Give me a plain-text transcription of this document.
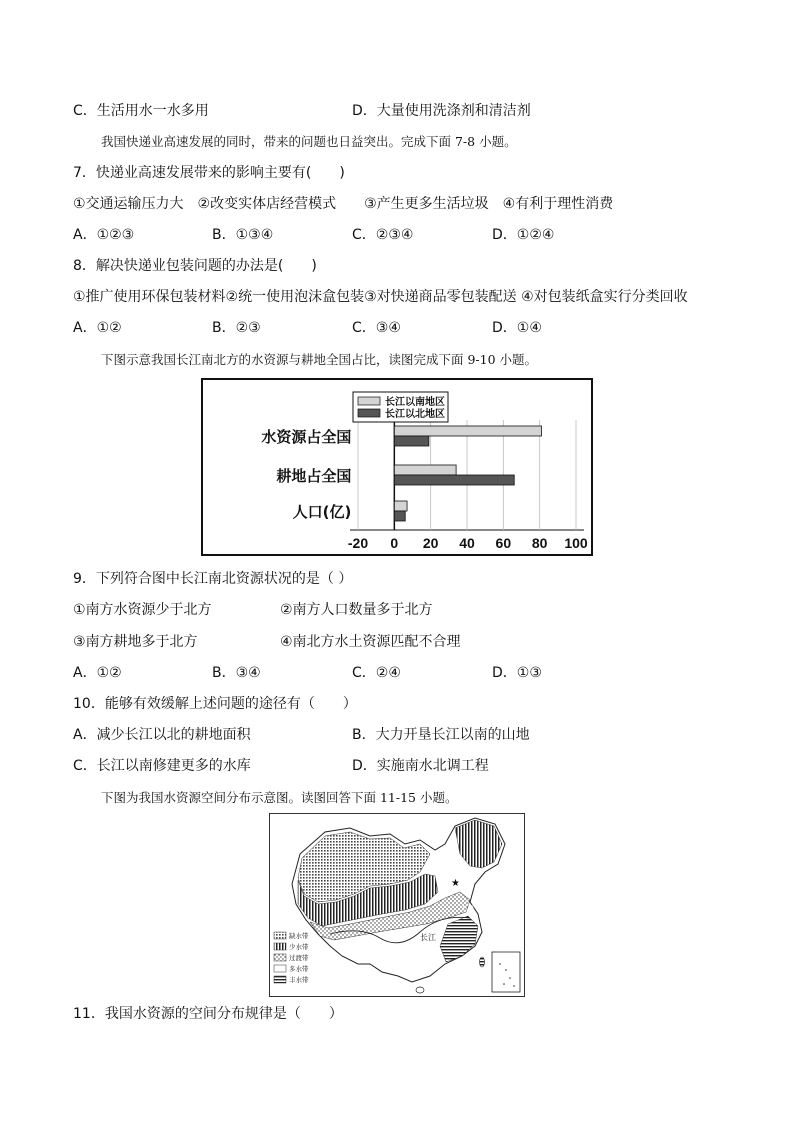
C．生活用水一水多用	D．大量使用洗涤剂和清洁剂
我国快递业高速发展的同时，带来的问题也日益突出。完成下面 7-8 小题。
7．快递业高速发展带来的影响主要有(　　)
①交通运输压力大　②改变实体店经营模式　　③产生更多生活垃圾　④有利于理性消费
A．①②③	B．①③④	C．②③④	D．①②④
8．解决快递业包装问题的办法是(　　)
①推广使用环保包装材料②统一使用泡沫盒包装③对快递商品零包装配送 ④对包装纸盒实行分类回收
A．①②	B．②③	C．③④	D．①④
下图示意我国长江南北方的水资源与耕地全国占比，读图完成下面 9-10 小题。
-20 0 20 40 60 80 100
水资源占全国
耕地占全国
人口(亿)
长江以南地区
长江以北地区
9．下列符合图中长江南北资源状况的是（ ）
①南方水资源少于北方	②南方人口数量多于北方
③南方耕地多于北方	④南北方水土资源匹配不合理
A．①②	B．③④	C．②④	D．①③
10．能够有效缓解上述问题的途径有（　　）
A．减少长江以北的耕地面积	B．大力开垦长江以南的山地
C．长江以南修建更多的水库	D．实施南水北调工程
下图为我国水资源空间分布示意图。读图回答下面 11-15 小题。
★
北京
上海
长江
缺水带
少水带
过渡带
多水带
丰水带
11．我国水资源的空间分布规律是（　　）
